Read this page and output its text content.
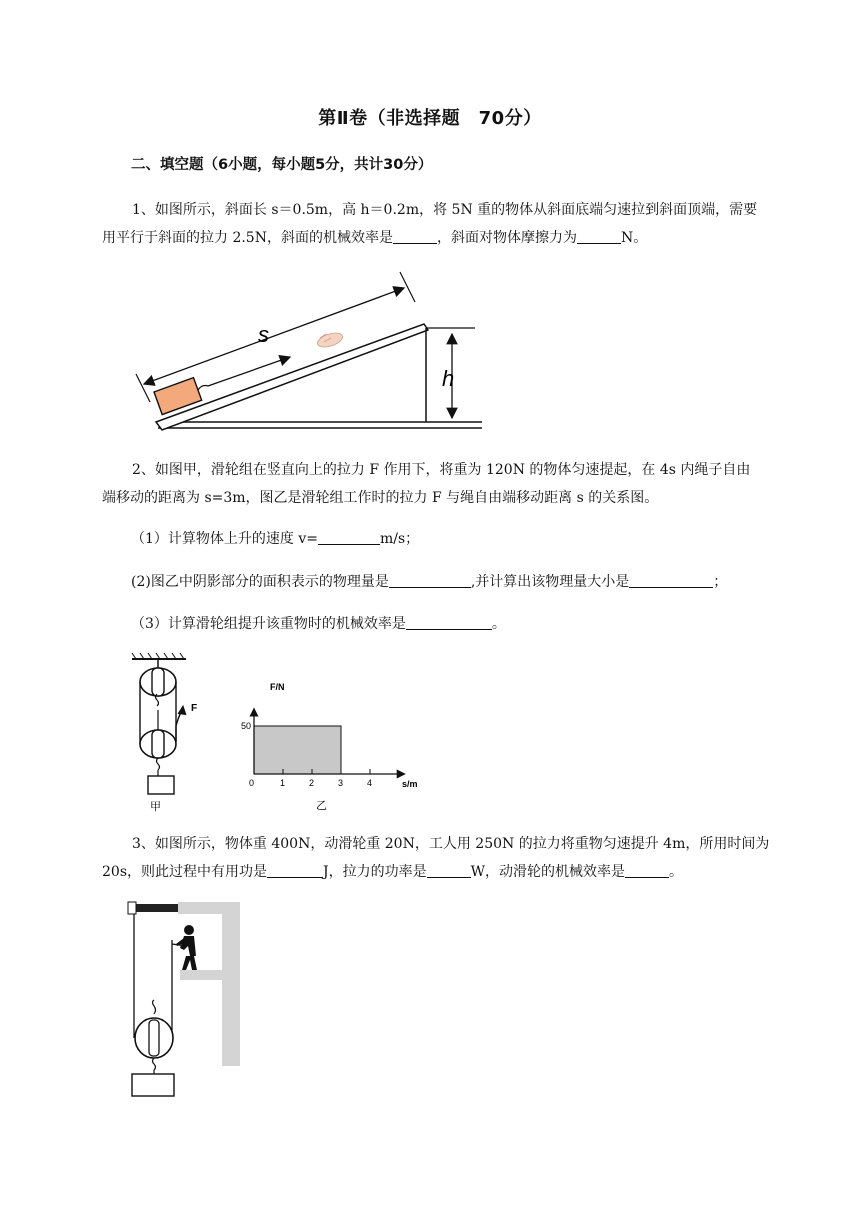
第Ⅱ卷（非选择题　70分）
二、填空题（6小题，每小题5分，共计30分）
1、如图所示，斜面长 s＝0.5m，高 h＝0.2m，将 5N 重的物体从斜面底端匀速拉到斜面顶端，需要
用平行于斜面的拉力 2.5N，斜面的机械效率是	，斜面对物体摩擦力为	N。
h
s
2、如图甲，滑轮组在竖直向上的拉力 F 作用下，将重为 120N 的物体匀速提起，在 4s 内绳子自由
端移动的距离为 s=3m，图乙是滑轮组工作时的拉力 F 与绳自由端移动距离 s 的关系图。
（1）计算物体上升的速度 v=	m/s；
(2)图乙中阴影部分的面积表示的物理量是	,并计算出该物理量大小是	；
（3）计算滑轮组提升该重物时的机械效率是	。
F
甲
0	1	2	3	4
50
F/N
s/m
乙
3、如图所示，物体重 400N，动滑轮重 20N，工人用 250N 的拉力将重物匀速提升 4m，所用时间为
20s，则此过程中有用功是	J，拉力的功率是	W，动滑轮的机械效率是	。
